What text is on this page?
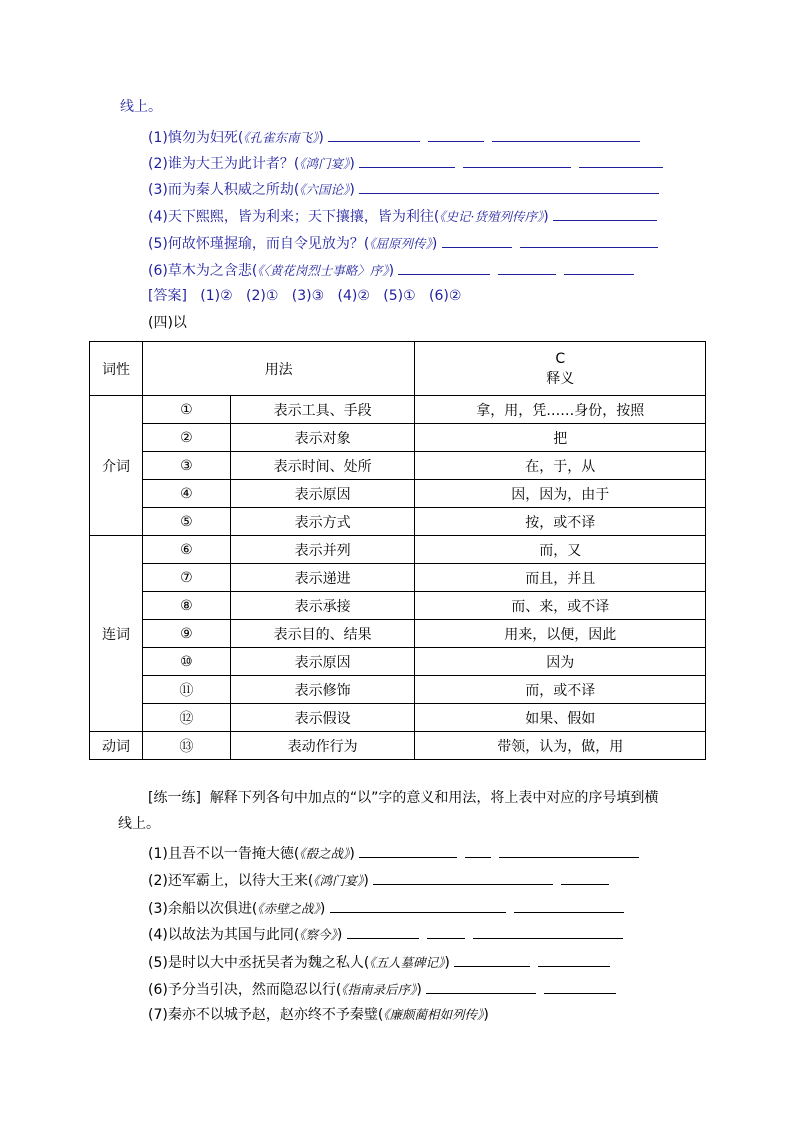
线上。
(1)慎勿为妇死(《孔雀东南飞》)
(2)谁为大王为此计者？(《鸿门宴》)
(3)而为秦人积威之所劫(《六国论》)
(4)天下熙熙，皆为利来；天下攘攘，皆为利往(《史记·货殖列传序》)
(5)何故怀瑾握瑜，而自令见放为？(《屈原列传》)
(6)草木为之含悲(《〈黄花岗烈士事略〉序》)
[答案] (1)② (2)① (3)③ (4)② (5)① (6)②
(四)以
词性	用法		C
释义

介词	①	表示工具、手段	拿，用，凭……身份，按照
	②	表示对象	把
	③	表示时间、处所	在，于，从
	④	表示原因	因，因为，由于
	⑤	表示方式	按，或不译
连词	⑥	表示并列	而，又
	⑦	表示递进	而且，并且
	⑧	表示承接	而、来，或不译
	⑨	表示目的、结果	用来，以便，因此
	⑩	表示原因	因为
	⑪	表示修饰	而，或不译
	⑫	表示假设	如果、假如
动词	⑬	表动作行为	带领，认为，做，用
[练一练] 解释下列各句中加点的“以”字的意义和用法，将上表中对应的序号填到横
线上。
(1)且吾不以一眚掩大德(《殽之战》)
(2)还军霸上，以待大王来(《鸿门宴》)
(3)余船以次俱进(《赤壁之战》)
(4)以故法为其国与此同(《察今》)
(5)是时以大中丞抚吴者为魏之私人(《五人墓碑记》)
(6)予分当引决，然而隐忍以行(《指南录后序》)
(7)秦亦不以城予赵，赵亦终不予秦璧(《廉颇蔺相如列传》)
